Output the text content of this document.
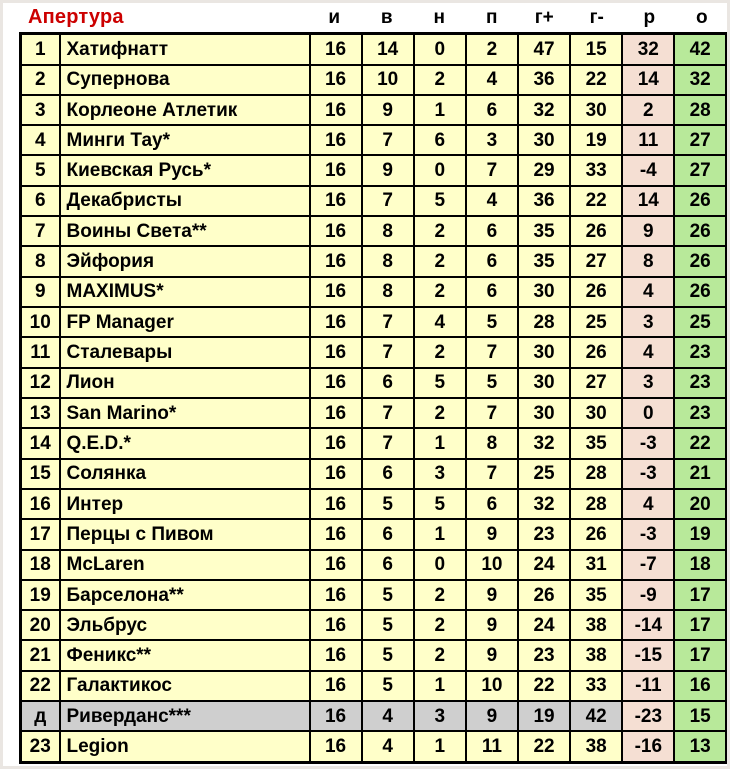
Апертура	и	в	н	п	г+	г-	р	о
1	Хатифнатт	16	14	0	2	47	15	32	42
2	Супернова	16	10	2	4	36	22	14	32
3	Корлеоне Атлетик	16	9	1	6	32	30	2	28
4	Минги Тау*	16	7	6	3	30	19	11	27
5	Киевская Русь*	16	9	0	7	29	33	-4	27
6	Декабристы	16	7	5	4	36	22	14	26
7	Воины Света**	16	8	2	6	35	26	9	26
8	Эйфория	16	8	2	6	35	27	8	26
9	MAXIMUS*	16	8	2	6	30	26	4	26
10	FP Manager	16	7	4	5	28	25	3	25
11	Сталевары	16	7	2	7	30	26	4	23
12	Лион	16	6	5	5	30	27	3	23
13	San Marino*	16	7	2	7	30	30	0	23
14	Q.E.D.*	16	7	1	8	32	35	-3	22
15	Солянка	16	6	3	7	25	28	-3	21
16	Интер	16	5	5	6	32	28	4	20
17	Перцы с Пивом	16	6	1	9	23	26	-3	19
18	McLaren	16	6	0	10	24	31	-7	18
19	Барселона**	16	5	2	9	26	35	-9	17
20	Эльбрус	16	5	2	9	24	38	-14	17
21	Феникс**	16	5	2	9	23	38	-15	17
22	Галактикос	16	5	1	10	22	33	-11	16
д	Риверданс***	16	4	3	9	19	42	-23	15
23	Legion	16	4	1	11	22	38	-16	13
